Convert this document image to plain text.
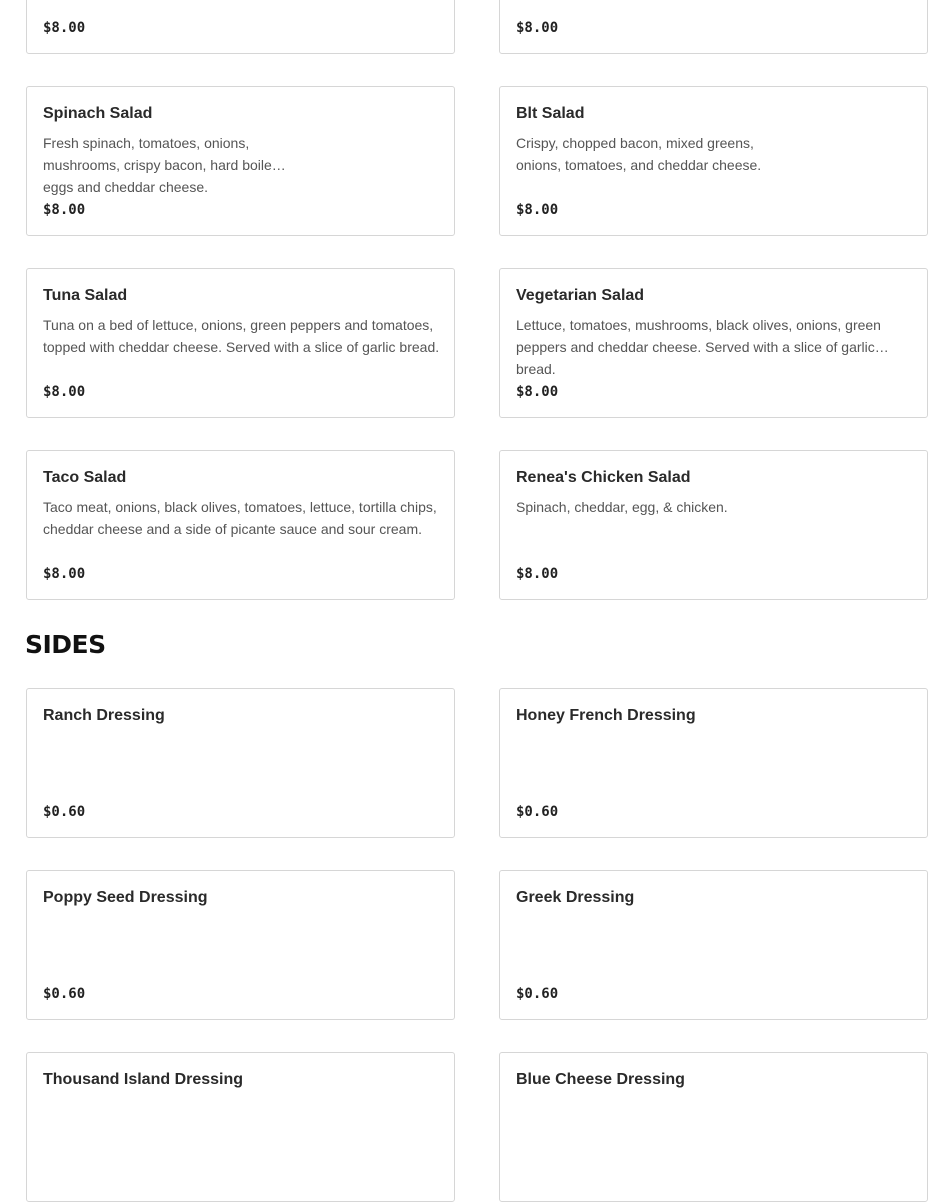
$8.00	$8.00
Spinach Salad
Fresh spinach, tomatoes, onions, mushrooms, crispy bacon, hard boiled eggs and cheddar cheese.
$8.00
Blt Salad
Crispy, chopped bacon, mixed greens, onions, tomatoes, and cheddar cheese.
$8.00
Tuna Salad
Tuna on a bed of lettuce, onions, green peppers and tomatoes, topped with cheddar cheese. Served with a slice of garlic bread.
$8.00
Vegetarian Salad
Lettuce, tomatoes, mushrooms, black olives, onions, green peppers and cheddar cheese. Served with a slice of garlic bread.
$8.00
Taco Salad
Taco meat, onions, black olives, tomatoes, lettuce, tortilla chips, cheddar cheese and a side of picante sauce and sour cream.
$8.00
Renea's Chicken Salad
Spinach, cheddar, egg, & chicken.
$8.00
SIDES
Ranch Dressing
$0.60
Honey French Dressing
$0.60
Poppy Seed Dressing
$0.60
Greek Dressing
$0.60
Thousand Island Dressing	Blue Cheese Dressing
